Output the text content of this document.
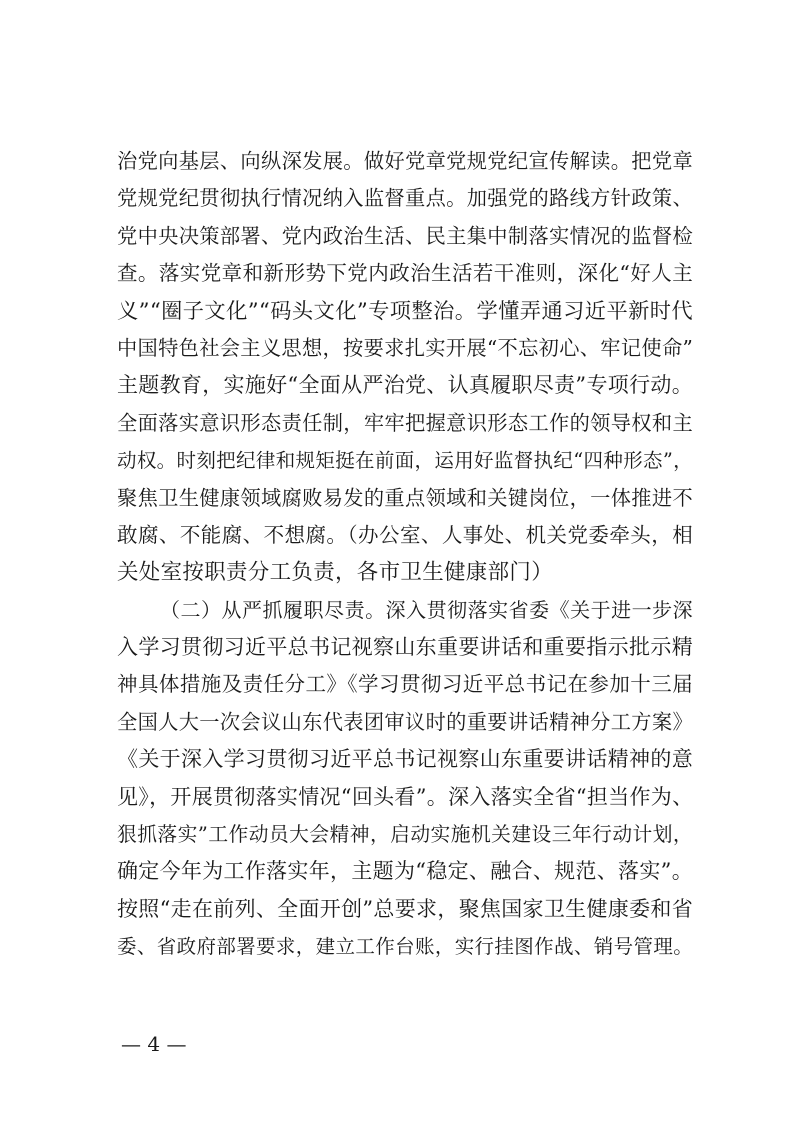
治党向基层、向纵深发展。做好党章党规党纪宣传解读。把党章
党规党纪贯彻执行情况纳入监督重点。加强党的路线方针政策、
党中央决策部署、党内政治生活、民主集中制落实情况的监督检
查。落实党章和新形势下党内政治生活若干准则，深化“好人主
义”“圈子文化”“码头文化”专项整治。学懂弄通习近平新时代
中国特色社会主义思想，按要求扎实开展“不忘初心、牢记使命”
主题教育，实施好“全面从严治党、认真履职尽责”专项行动。
全面落实意识形态责任制，牢牢把握意识形态工作的领导权和主
动权。时刻把纪律和规矩挺在前面，运用好监督执纪“四种形态”，
聚焦卫生健康领域腐败易发的重点领域和关键岗位，一体推进不
敢腐、不能腐、不想腐。（办公室、人事处、机关党委牵头，相
关处室按职责分工负责，各市卫生健康部门）
（二）从严抓履职尽责。深入贯彻落实省委《关于进一步深
入学习贯彻习近平总书记视察山东重要讲话和重要指示批示精
神具体措施及责任分工》《学习贯彻习近平总书记在参加十三届
全国人大一次会议山东代表团审议时的重要讲话精神分工方案》
《关于深入学习贯彻习近平总书记视察山东重要讲话精神的意
见》，开展贯彻落实情况“回头看”。深入落实全省“担当作为、
狠抓落实”工作动员大会精神，启动实施机关建设三年行动计划，
确定今年为工作落实年，主题为“稳定、融合、规范、落实”。
按照“走在前列、全面开创”总要求，聚焦国家卫生健康委和省
委、省政府部署要求，建立工作台账，实行挂图作战、销号管理。
— 4 —
